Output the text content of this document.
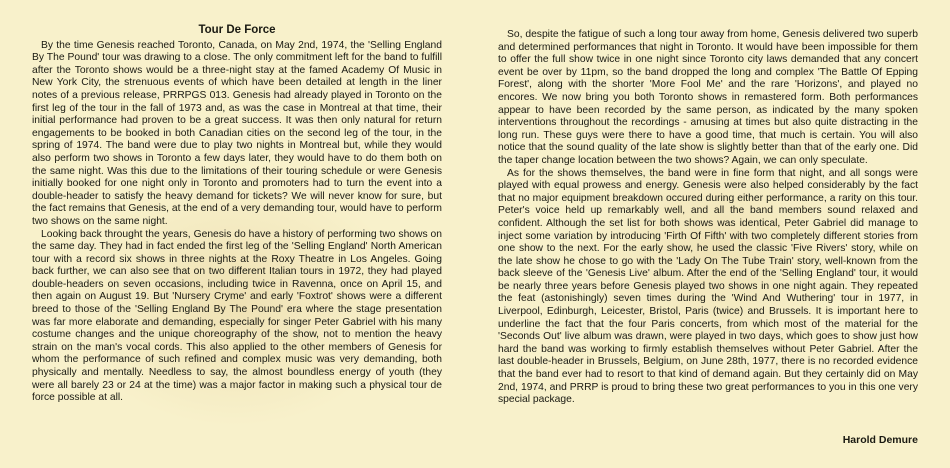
Tour De Force

By the time Genesis reached Toronto, Canada, on May 2nd, 1974, the 'Selling England By The Pound' tour was drawing to a close. The only commitment left for the band to fulfill after the Toronto shows would be a three-night stay at the famed Academy Of Music in New York City, the strenuous events of which have been detailed at length in the liner notes of a previous release, PRRPGS 013. Genesis had already played in Toronto on the first leg of the tour in the fall of 1973 and, as was the case in Montreal at that time, their initial performance had proven to be a great success. It was then only natural for return engagements to be booked in both Canadian cities on the second leg of the tour, in the spring of 1974. The band were due to play two nights in Montreal but, while they would also perform two shows in Toronto a few days later, they would have to do them both on the same night. Was this due to the limitations of their touring schedule or were Genesis initially booked for one night only in Toronto and promoters had to turn the event into a double-header to satisfy the heavy demand for tickets? We will never know for sure, but the fact remains that Genesis, at the end of a very demanding tour, would have to perform two shows on the same night.

Looking back throught the years, Genesis do have a history of performing two shows on the same day. They had in fact ended the first leg of the 'Selling England' North American tour with a record six shows in three nights at the Roxy Theatre in Los Angeles. Going back further, we can also see that on two different Italian tours in 1972, they had played double-headers on seven occasions, including twice in Ravenna, once on April 15, and then again on August 19. But 'Nursery Cryme' and early 'Foxtrot' shows were a different breed to those of the 'Selling England By The Pound' era where the stage presentation was far more elaborate and demanding, especially for singer Peter Gabriel with his many costume changes and the unique choreography of the show, not to mention the heavy strain on the man's vocal cords. This also applied to the other members of Genesis for whom the performance of such refined and complex music was very demanding, both physically and mentally. Needless to say, the almost boundless energy of youth (they were all barely 23 or 24 at the time) was a major factor in making such a physical tour de force possible at all.

So, despite the fatigue of such a long tour away from home, Genesis delivered two superb and determined performances that night in Toronto. It would have been impossible for them to offer the full show twice in one night since Toronto city laws demanded that any concert event be over by 11pm, so the band dropped the long and complex 'The Battle Of Epping Forest', along with the shorter 'More Fool Me' and the rare 'Horizons', and played no encores. We now bring you both Toronto shows in remastered form. Both performances appear to have been recorded by the same person, as indicated by the many spoken interventions throughout the recordings - amusing at times but also quite distracting in the long run. These guys were there to have a good time, that much is certain. You will also notice that the sound quality of the late show is slightly better than that of the early one. Did the taper change location between the two shows? Again, we can only speculate.

As for the shows themselves, the band were in fine form that night, and all songs were played with equal prowess and energy. Genesis were also helped considerably by the fact that no major equipment breakdown occured during either performance, a rarity on this tour. Peter's voice held up remarkably well, and all the band members sound relaxed and confident. Although the set list for both shows was identical, Peter Gabriel did manage to inject some variation by introducing 'Firth Of Fifth' with two completely different stories from one show to the next. For the early show, he used the classic 'Five Rivers' story, while on the late show he chose to go with the 'Lady On The Tube Train' story, well-known from the back sleeve of the 'Genesis Live' album. After the end of the 'Selling England' tour, it would be nearly three years before Genesis played two shows in one night again. They repeated the feat (astonishingly) seven times during the 'Wind And Wuthering' tour in 1977, in Liverpool, Edinburgh, Leicester, Bristol, Paris (twice) and Brussels. It is important here to underline the fact that the four Paris concerts, from which most of the material for the 'Seconds Out' live album was drawn, were played in two days, which goes to show just how hard the band was working to firmly establish themselves without Peter Gabriel. After the last double-header in Brussels, Belgium, on June 28th, 1977, there is no recorded evidence that the band ever had to resort to that kind of demand again. But they certainly did on May 2nd, 1974, and PRRP is proud to bring these two great performances to you in this one very special package.

Harold Demure
